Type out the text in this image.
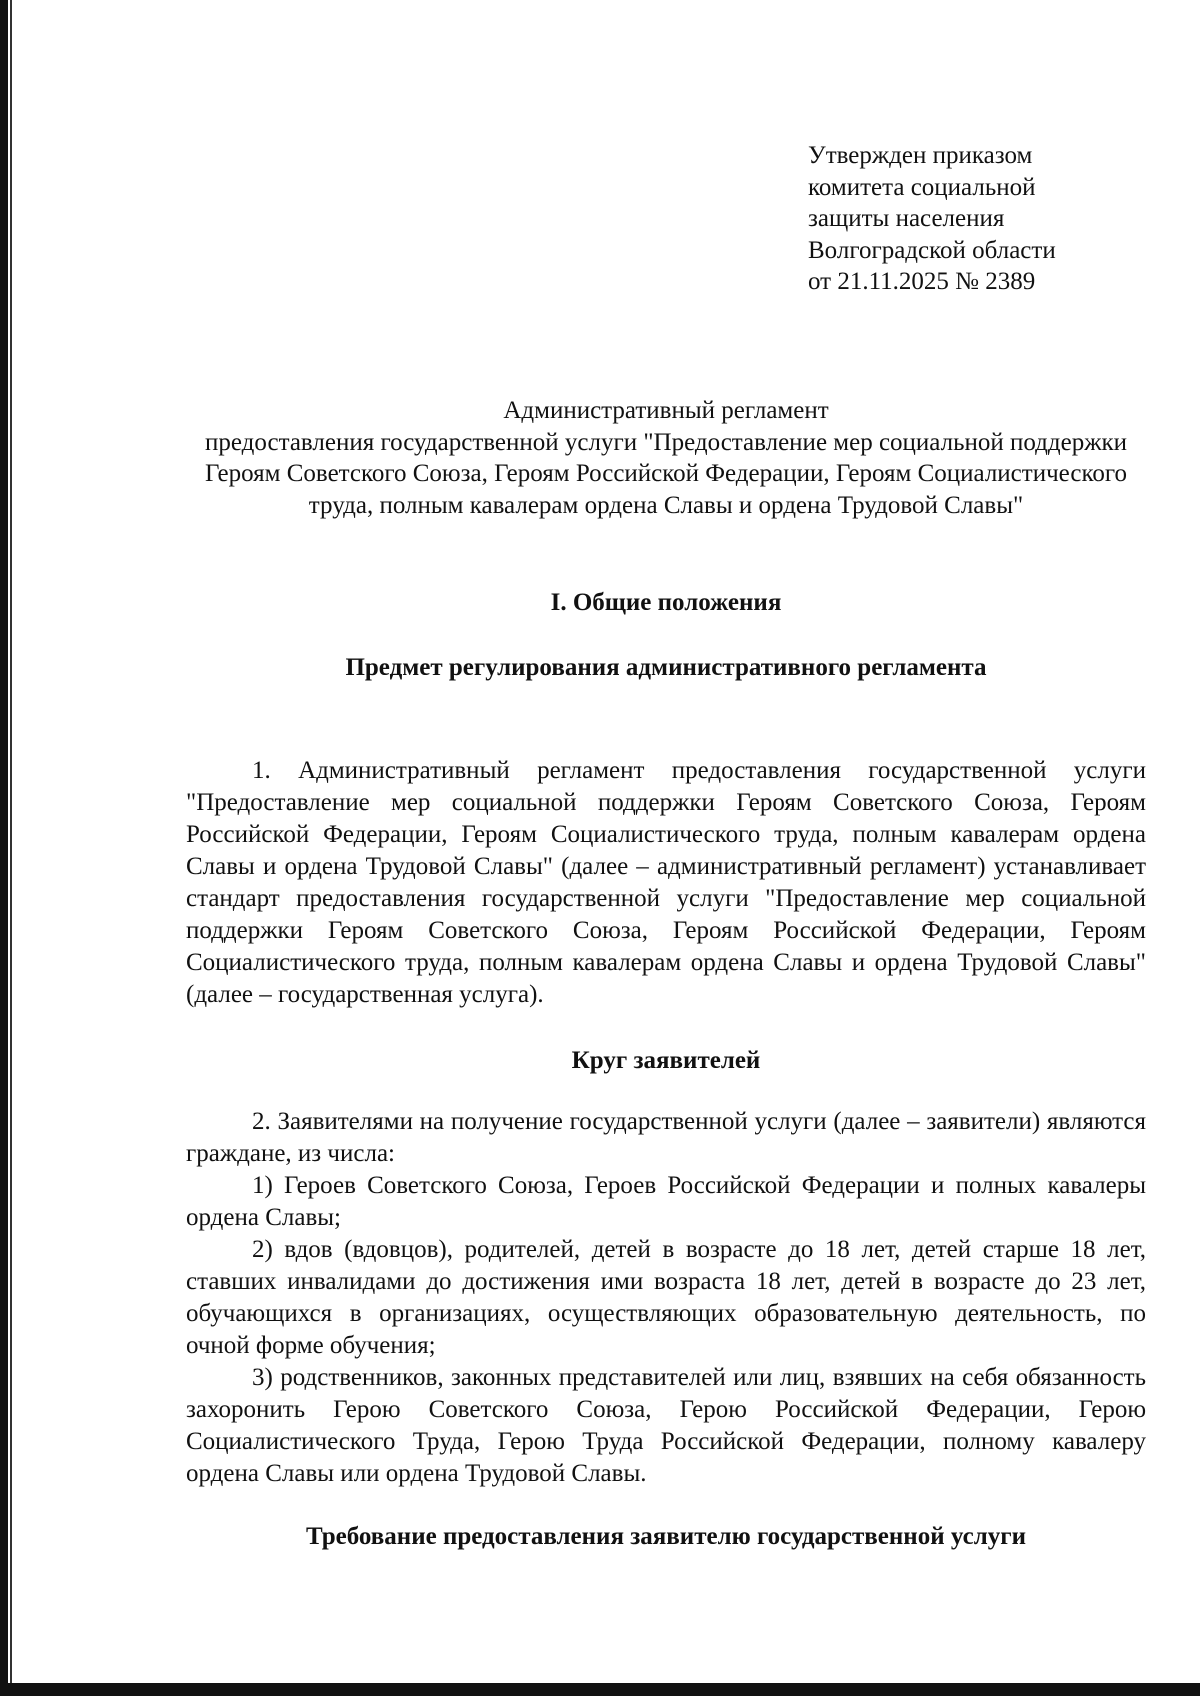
Утвержден приказом
комитета социальной
защиты населения
Волгоградской области
от 21.11.2025 № 2389
Административный регламент
предоставления государственной услуги "Предоставление мер социальной поддержки Героям Советского Союза, Героям Российской Федерации, Героям Социалистического труда, полным кавалерам ордена Славы и ордена Трудовой Славы"
I. Общие положения
Предмет регулирования административного регламента
1. Административный регламент предоставления государственной услуги "Предоставление мер социальной поддержки Героям Советского Союза, Героям Российской Федерации, Героям Социалистического труда, полным кавалерам ордена Славы и ордена Трудовой Славы" (далее – административный регламент) устанавливает стандарт предоставления государственной услуги "Предоставление мер социальной поддержки Героям Советского Союза, Героям Российской Федерации, Героям Социалистического труда, полным кавалерам ордена Славы и ордена Трудовой Славы" (далее – государственная услуга).
Круг заявителей
2. Заявителями на получение государственной услуги (далее – заявители) являются граждане, из числа:
1) Героев Советского Союза, Героев Российской Федерации и полных кавалеры ордена Славы;
2) вдов (вдовцов), родителей, детей в возрасте до 18 лет, детей старше 18 лет, ставших инвалидами до достижения ими возраста 18 лет, детей в возрасте до 23 лет, обучающихся в организациях, осуществляющих образовательную деятельность, по очной форме обучения;
3) родственников, законных представителей или лиц, взявших на себя обязанность захоронить Герою Советского Союза, Герою Российской Федерации, Герою Социалистического Труда, Герою Труда Российской Федерации, полному кавалеру ордена Славы или ордена Трудовой Славы.
Требование предоставления заявителю государственной услуги
